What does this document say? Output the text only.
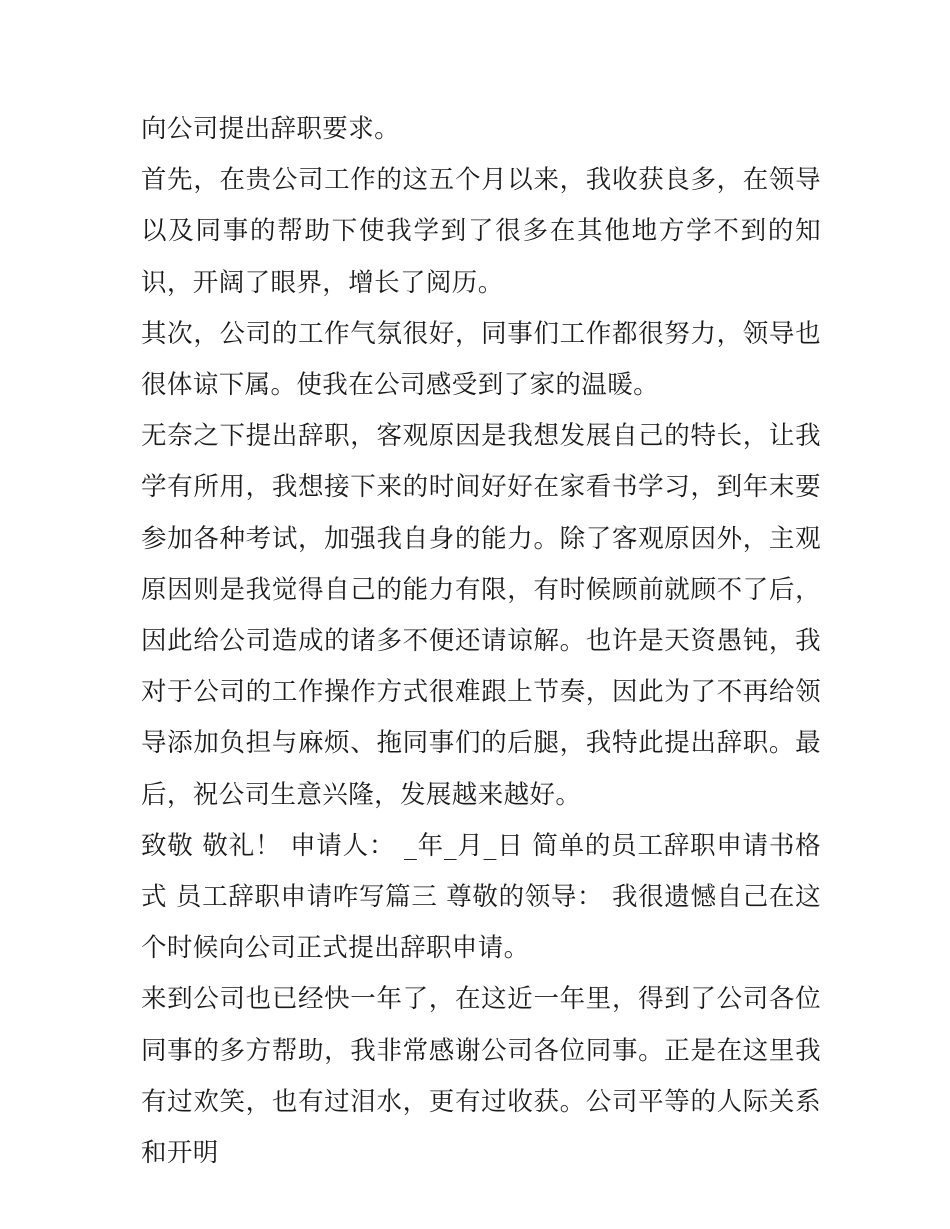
向公司提出辞职要求。

首先，在贵公司工作的这五个月以来，我收获良多，在领导以及同事的帮助下使我学到了很多在其他地方学不到的知识，开阔了眼界，增长了阅历。

其次，公司的工作气氛很好，同事们工作都很努力，领导也很体谅下属。使我在公司感受到了家的温暖。

无奈之下提出辞职，客观原因是我想发展自己的特长，让我学有所用，我想接下来的时间好好在家看书学习，到年末要参加各种考试，加强我自身的能力。除了客观原因外，主观原因则是我觉得自己的能力有限，有时候顾前就顾不了后，因此给公司造成的诸多不便还请谅解。也许是天资愚钝，我对于公司的工作操作方式很难跟上节奏，因此为了不再给领导添加负担与麻烦、拖同事们的后腿，我特此提出辞职。最后，祝公司生意兴隆，发展越来越好。

致敬 敬礼！ 申请人： _年_月_日 简单的员工辞职申请书格式 员工辞职申请咋写篇三 尊敬的领导： 我很遗憾自己在这个时候向公司正式提出辞职申请。

来到公司也已经快一年了，在这近一年里，得到了公司各位同事的多方帮助，我非常感谢公司各位同事。正是在这里我有过欢笑，也有过泪水，更有过收获。公司平等的人际关系和开明
